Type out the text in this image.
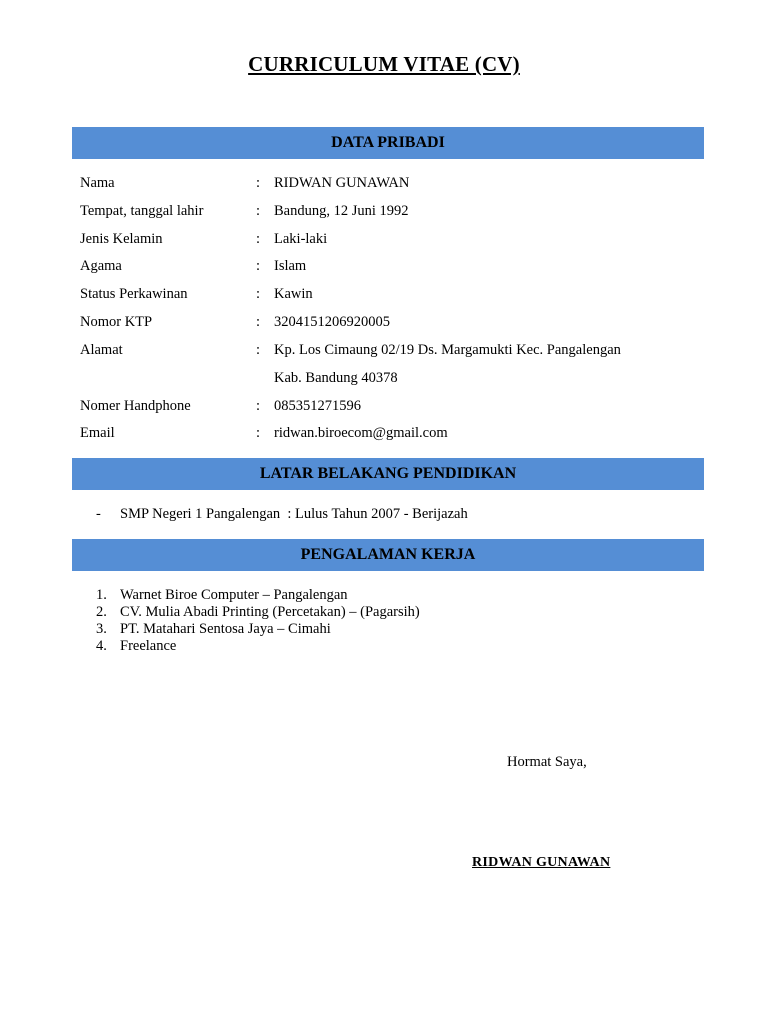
CURRICULUM VITAE (CV)
DATA PRIBADI
Nama	: RIDWAN GUNAWAN
Tempat, tanggal lahir	: Bandung, 12 Juni 1992
Jenis Kelamin	: Laki-laki
Agama	: Islam
Status Perkawinan	: Kawin
Nomor KTP	: 3204151206920005
Alamat	: Kp. Los Cimaung 02/19 Ds. Margamukti Kec. Pangalengan
Kab. Bandung 40378
Nomer Handphone	: 085351271596
Email	: ridwan.biroecom@gmail.com
LATAR BELAKANG PENDIDIKAN
- SMP Negeri 1 Pangalengan  : Lulus Tahun 2007 - Berijazah
PENGALAMAN KERJA
1. Warnet Biroe Computer – Pangalengan
2. CV. Mulia Abadi Printing (Percetakan) – (Pagarsih)
3. PT. Matahari Sentosa Jaya – Cimahi
4. Freelance
Hormat Saya,
RIDWAN GUNAWAN
